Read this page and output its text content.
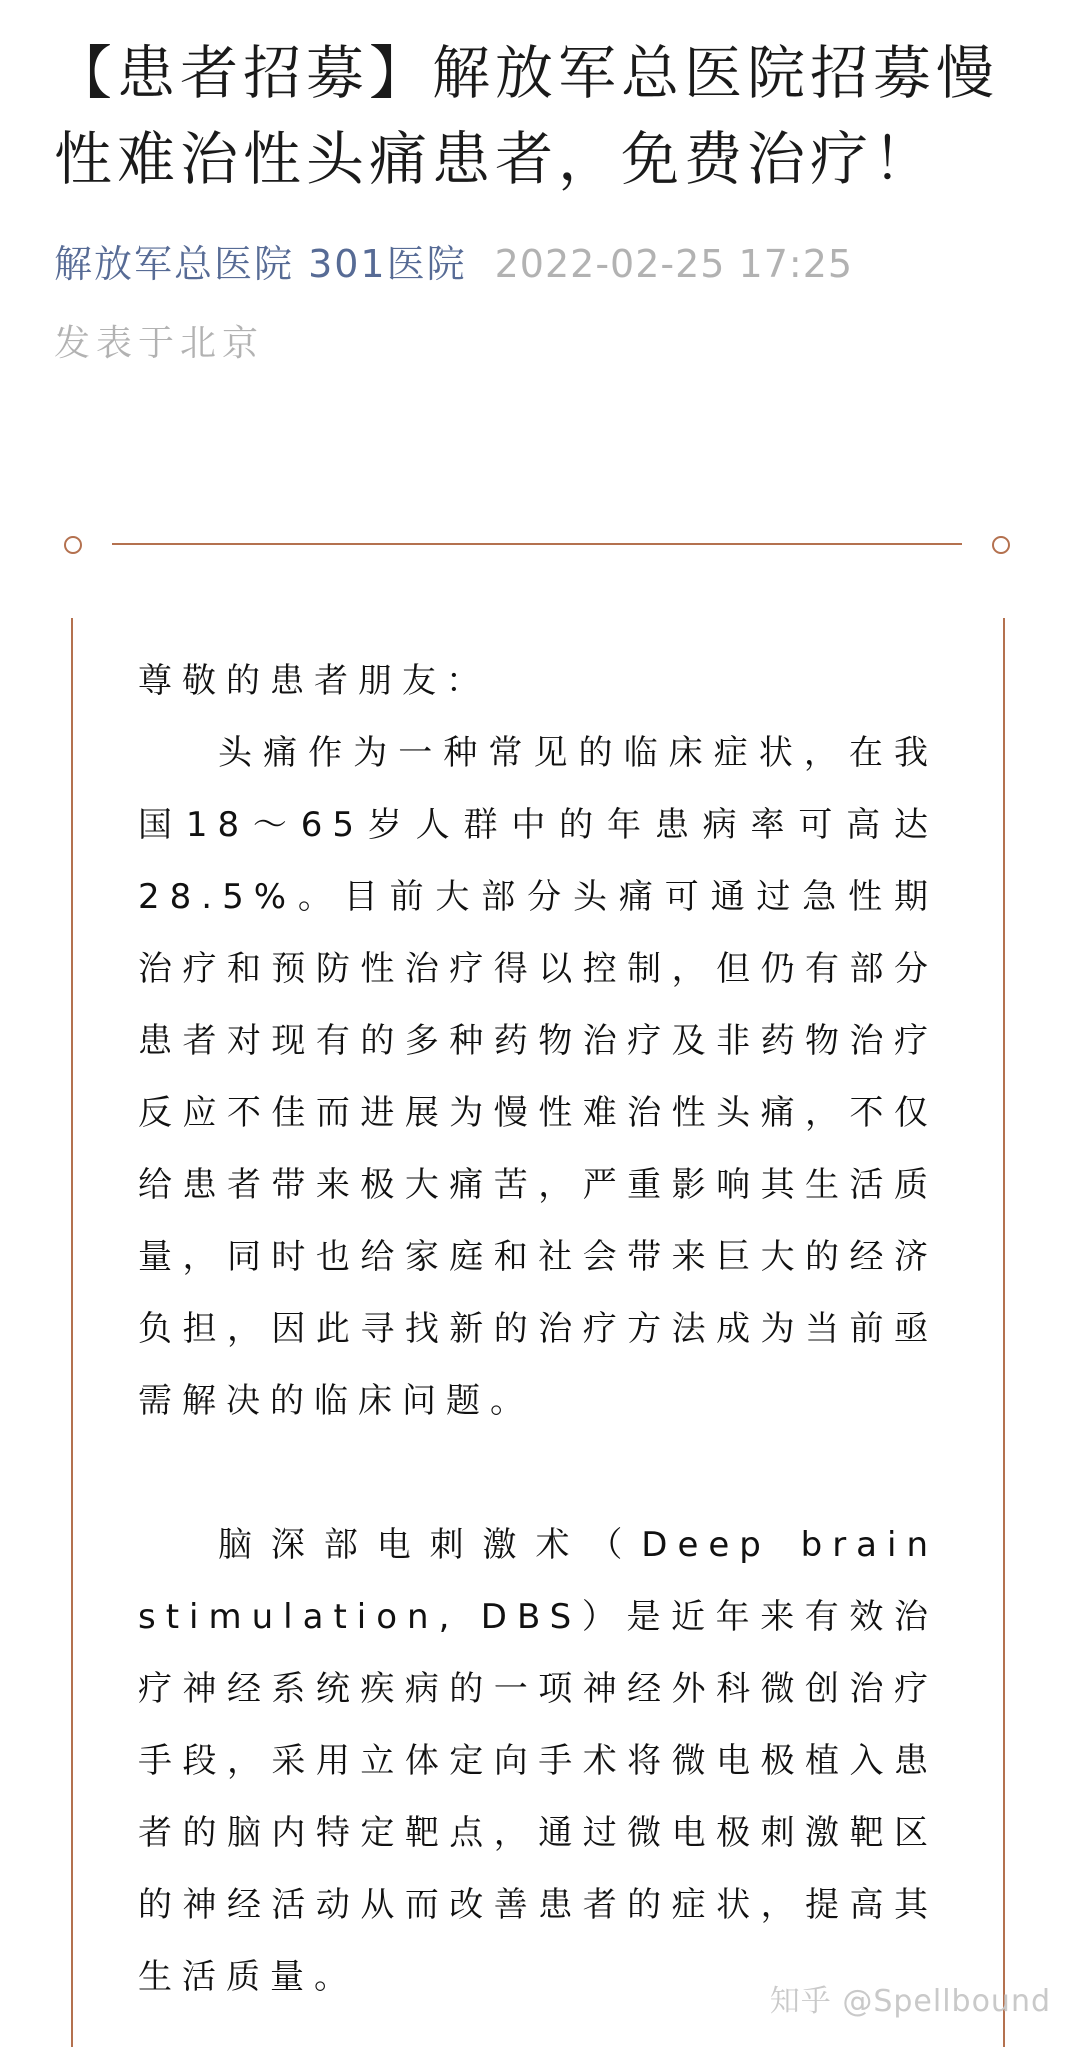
【患者招募】解放军总医院招募慢性难治性头痛患者，免费治疗！
解放军总医院 301医院 2022-02-25 17:25
发表于北京

尊敬的患者朋友：

头痛作为一种常见的临床症状，在我国18～65岁人群中的年患病率可高达28.5%。目前大部分头痛可通过急性期治疗和预防性治疗得以控制，但仍有部分患者对现有的多种药物治疗及非药物治疗反应不佳而进展为慢性难治性头痛，不仅给患者带来极大痛苦，严重影响其生活质量，同时也给家庭和社会带来巨大的经济负担，因此寻找新的治疗方法成为当前亟需解决的临床问题。

脑深部电刺激术（Deep brain stimulation, DBS）是近年来有效治疗神经系统疾病的一项神经外科微创治疗手段，采用立体定向手术将微电极植入患者的脑内特定靶点，通过微电极刺激靶区的神经活动从而改善患者的症状，提高其生活质量。

知乎 @Spellbound
